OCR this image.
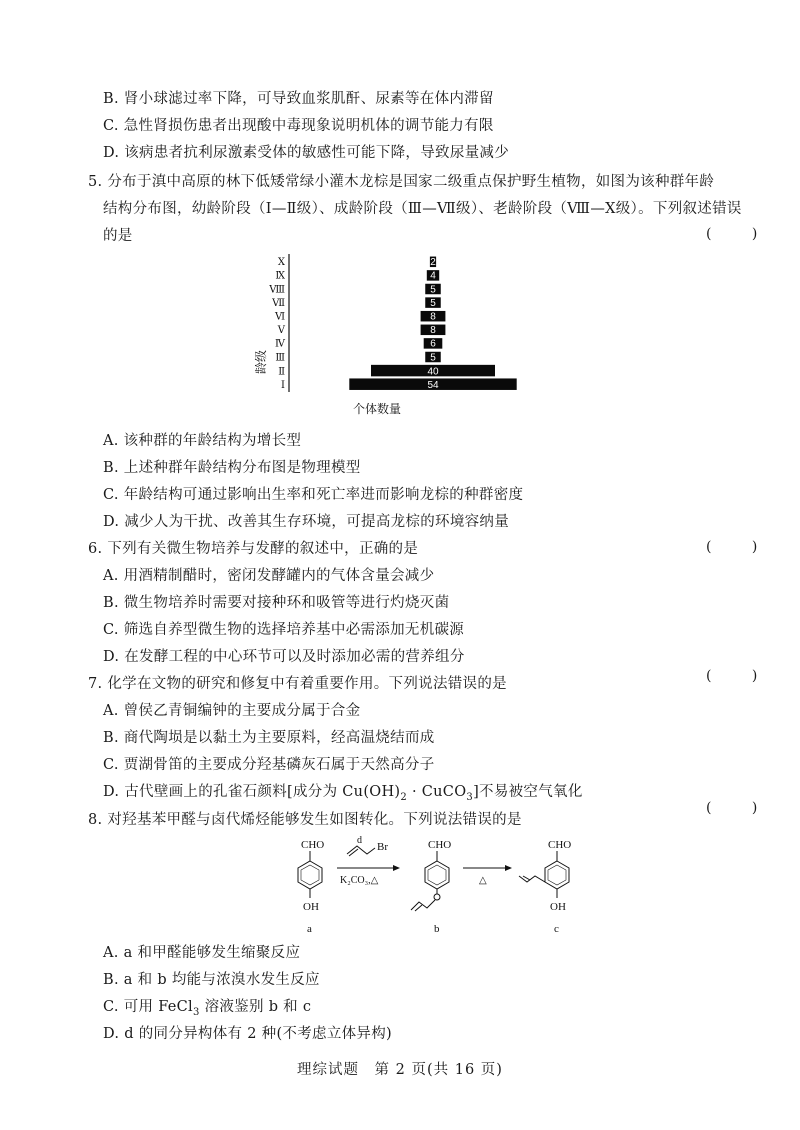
B. 肾小球滤过率下降，可导致血浆肌酐、尿素等在体内滞留
C. 急性肾损伤患者出现酸中毒现象说明机体的调节能力有限
D. 该病患者抗利尿激素受体的敏感性可能下降，导致尿量减少
5. 分布于滇中高原的林下低矮常绿小灌木龙棕是国家二级重点保护野生植物，如图为该种群年龄
结构分布图，幼龄阶段（Ⅰ—Ⅱ级）、成龄阶段（Ⅲ—Ⅶ级）、老龄阶段（Ⅷ—Ⅹ级）。下列叙述错误
的是	( )
54
40
5
6
8
8
5
5
4
2
Ⅰ
Ⅱ
Ⅲ
Ⅳ
Ⅴ
Ⅵ
Ⅶ
Ⅷ
Ⅸ
Ⅹ
龄级
个体数量
A. 该种群的年龄结构为增长型
B. 上述种群年龄结构分布图是物理模型
C. 年龄结构可通过影响出生率和死亡率进而影响龙棕的种群密度
D. 减少人为干扰、改善其生存环境，可提高龙棕的环境容纳量
6. 下列有关微生物培养与发酵的叙述中，正确的是	( )
A. 用酒精制醋时，密闭发酵罐内的气体含量会减少
B. 微生物培养时需要对接种环和吸管等进行灼烧灭菌
C. 筛选自养型微生物的选择培养基中必需添加无机碳源
D. 在发酵工程的中心环节可以及时添加必需的营养组分
7. 化学在文物的研究和修复中有着重要作用。下列说法错误的是	( )
A. 曾侯乙青铜编钟的主要成分属于合金
B. 商代陶埙是以黏土为主要原料，经高温烧结而成
C. 贾湖骨笛的主要成分羟基磷灰石属于天然高分子
D. 古代壁画上的孔雀石颜料[成分为 $Cu(OH)_2$ · CuCO$_3$]不易被空气氧化
( )
8. 对羟基苯甲醛与卤代烯烃能够发生如图转化。下列说法错误的是
CHO
OH
a
Br
d
K₂CO₃,△
CHO
b
△
CHO
OH
c
A. a 和甲醛能够发生缩聚反应
B. a 和 b 均能与浓溴水发生反应
C. 可用 FeCl$_3$ 溶液鉴别 b 和 c
D. d 的同分异构体有 2 种(不考虑立体异构)
理综试题　第 2 页(共 16 页)
